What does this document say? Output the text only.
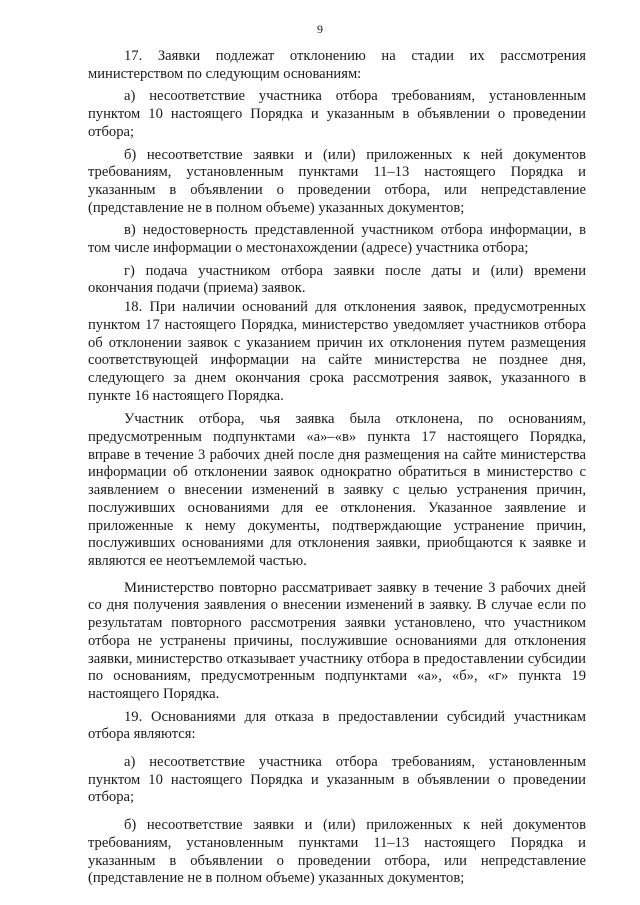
9

17. Заявки подлежат отклонению на стадии их рассмотрения министерством по следующим основаниям:

а) несоответствие участника отбора требованиям, установленным пунктом 10 настоящего Порядка и указанным в объявлении о проведении отбора;

б) несоответствие заявки и (или) приложенных к ней документов требованиям, установленным пунктами 11–13 настоящего Порядка и указанным в объявлении о проведении отбора, или непредставление (представление не в полном объеме) указанных документов;

в) недостоверность представленной участником отбора информации, в том числе информации о местонахождении (адресе) участника отбора;

г) подача участником отбора заявки после даты и (или) времени окончания подачи (приема) заявок.

18. При наличии оснований для отклонения заявок, предусмотренных пунктом 17 настоящего Порядка, министерство уведомляет участников отбора об отклонении заявок с указанием причин их отклонения путем размещения соответствующей информации на сайте министерства не позднее дня, следующего за днем окончания срока рассмотрения заявок, указанного в пункте 16 настоящего Порядка.

Участник отбора, чья заявка была отклонена, по основаниям, предусмотренным подпунктами «а»–«в» пункта 17 настоящего Порядка, вправе в течение 3 рабочих дней после дня размещения на сайте министерства информации об отклонении заявок однократно обратиться в министерство с заявлением о внесении изменений в заявку с целью устранения причин, послуживших основаниями для ее отклонения. Указанное заявление и приложенные к нему документы, подтверждающие устранение причин, послуживших основаниями для отклонения заявки, приобщаются к заявке и являются ее неотъемлемой частью.

Министерство повторно рассматривает заявку в течение 3 рабочих дней со дня получения заявления о внесении изменений в заявку. В случае если по результатам повторного рассмотрения заявки установлено, что участником отбора не устранены причины, послужившие основаниями для отклонения заявки, министерство отказывает участнику отбора в предоставлении субсидии по основаниям, предусмотренным подпунктами «а», «б», «г» пункта 19 настоящего Порядка.

19. Основаниями для отказа в предоставлении субсидий участникам отбора являются:

а) несоответствие участника отбора требованиям, установленным пунктом 10 настоящего Порядка и указанным в объявлении о проведении отбора;

б) несоответствие заявки и (или) приложенных к ней документов требованиям, установленным пунктами 11–13 настоящего Порядка и указанным в объявлении о проведении отбора, или непредставление (представление не в полном объеме) указанных документов;
